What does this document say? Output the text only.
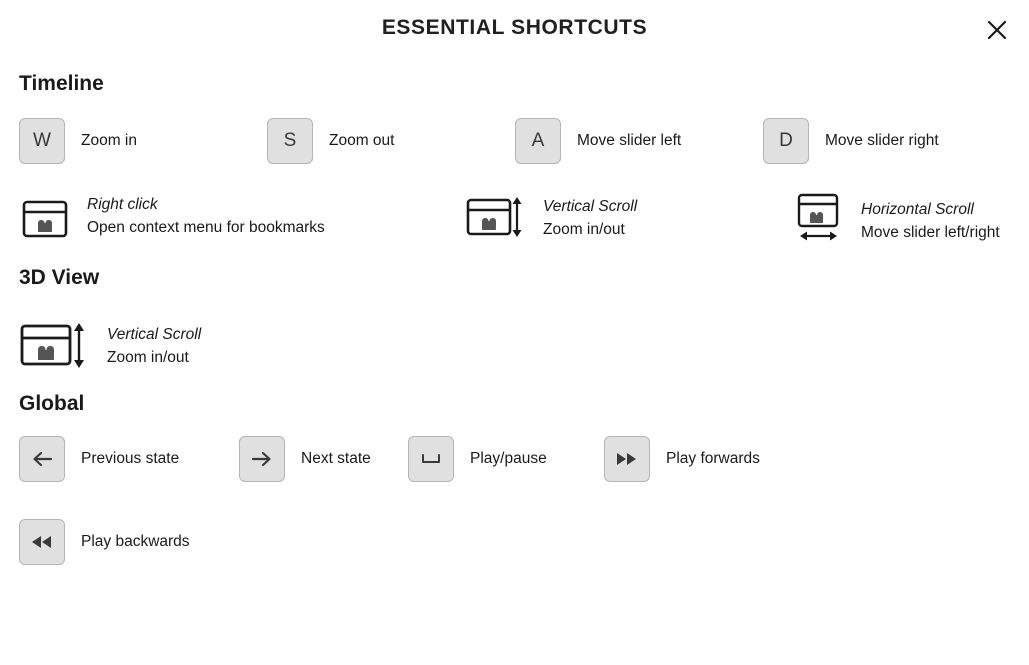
ESSENTIAL SHORTCUTS
Timeline
W	Zoom in	S	Zoom out	A	Move slider left	D	Move slider right
Right click
Open context menu for bookmarks
Vertical Scroll
Zoom in/out
Horizontal Scroll
Move slider left/right
3D View
Vertical Scroll
Zoom in/out
Global
Previous state	Next state	Play/pause	Play forwards
Play backwards
